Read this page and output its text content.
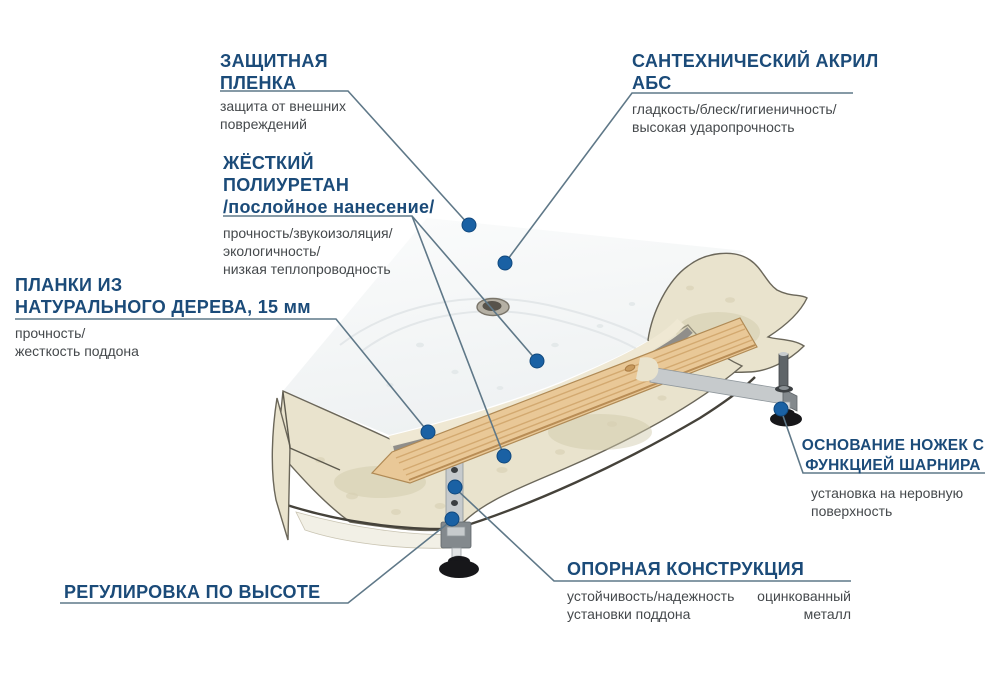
ЗАЩИТНАЯ
ПЛЕНКА
защита от внешних
повреждений
САНТЕХНИЧЕСКИЙ АКРИЛ
АБС
гладкость/блеск/гигиеничность/
высокая ударопрочность
ЖЁСТКИЙ
ПОЛИУРЕТАН
/послойное нанесение/
прочность/звукоизоляция/
экологичность/
низкая теплопроводность
ПЛАНКИ ИЗ
НАТУРАЛЬНОГО ДЕРЕВА, 15 мм
прочность/
жесткость поддона
ОСНОВАНИЕ НОЖЕК С
ФУНКЦИЕЙ ШАРНИРА
установка на неровную
поверхность
РЕГУЛИРОВКА ПО ВЫСОТЕ
ОПОРНАЯ КОНСТРУКЦИЯ
устойчивость/надежность
установки поддона
оцинкованный
металл
